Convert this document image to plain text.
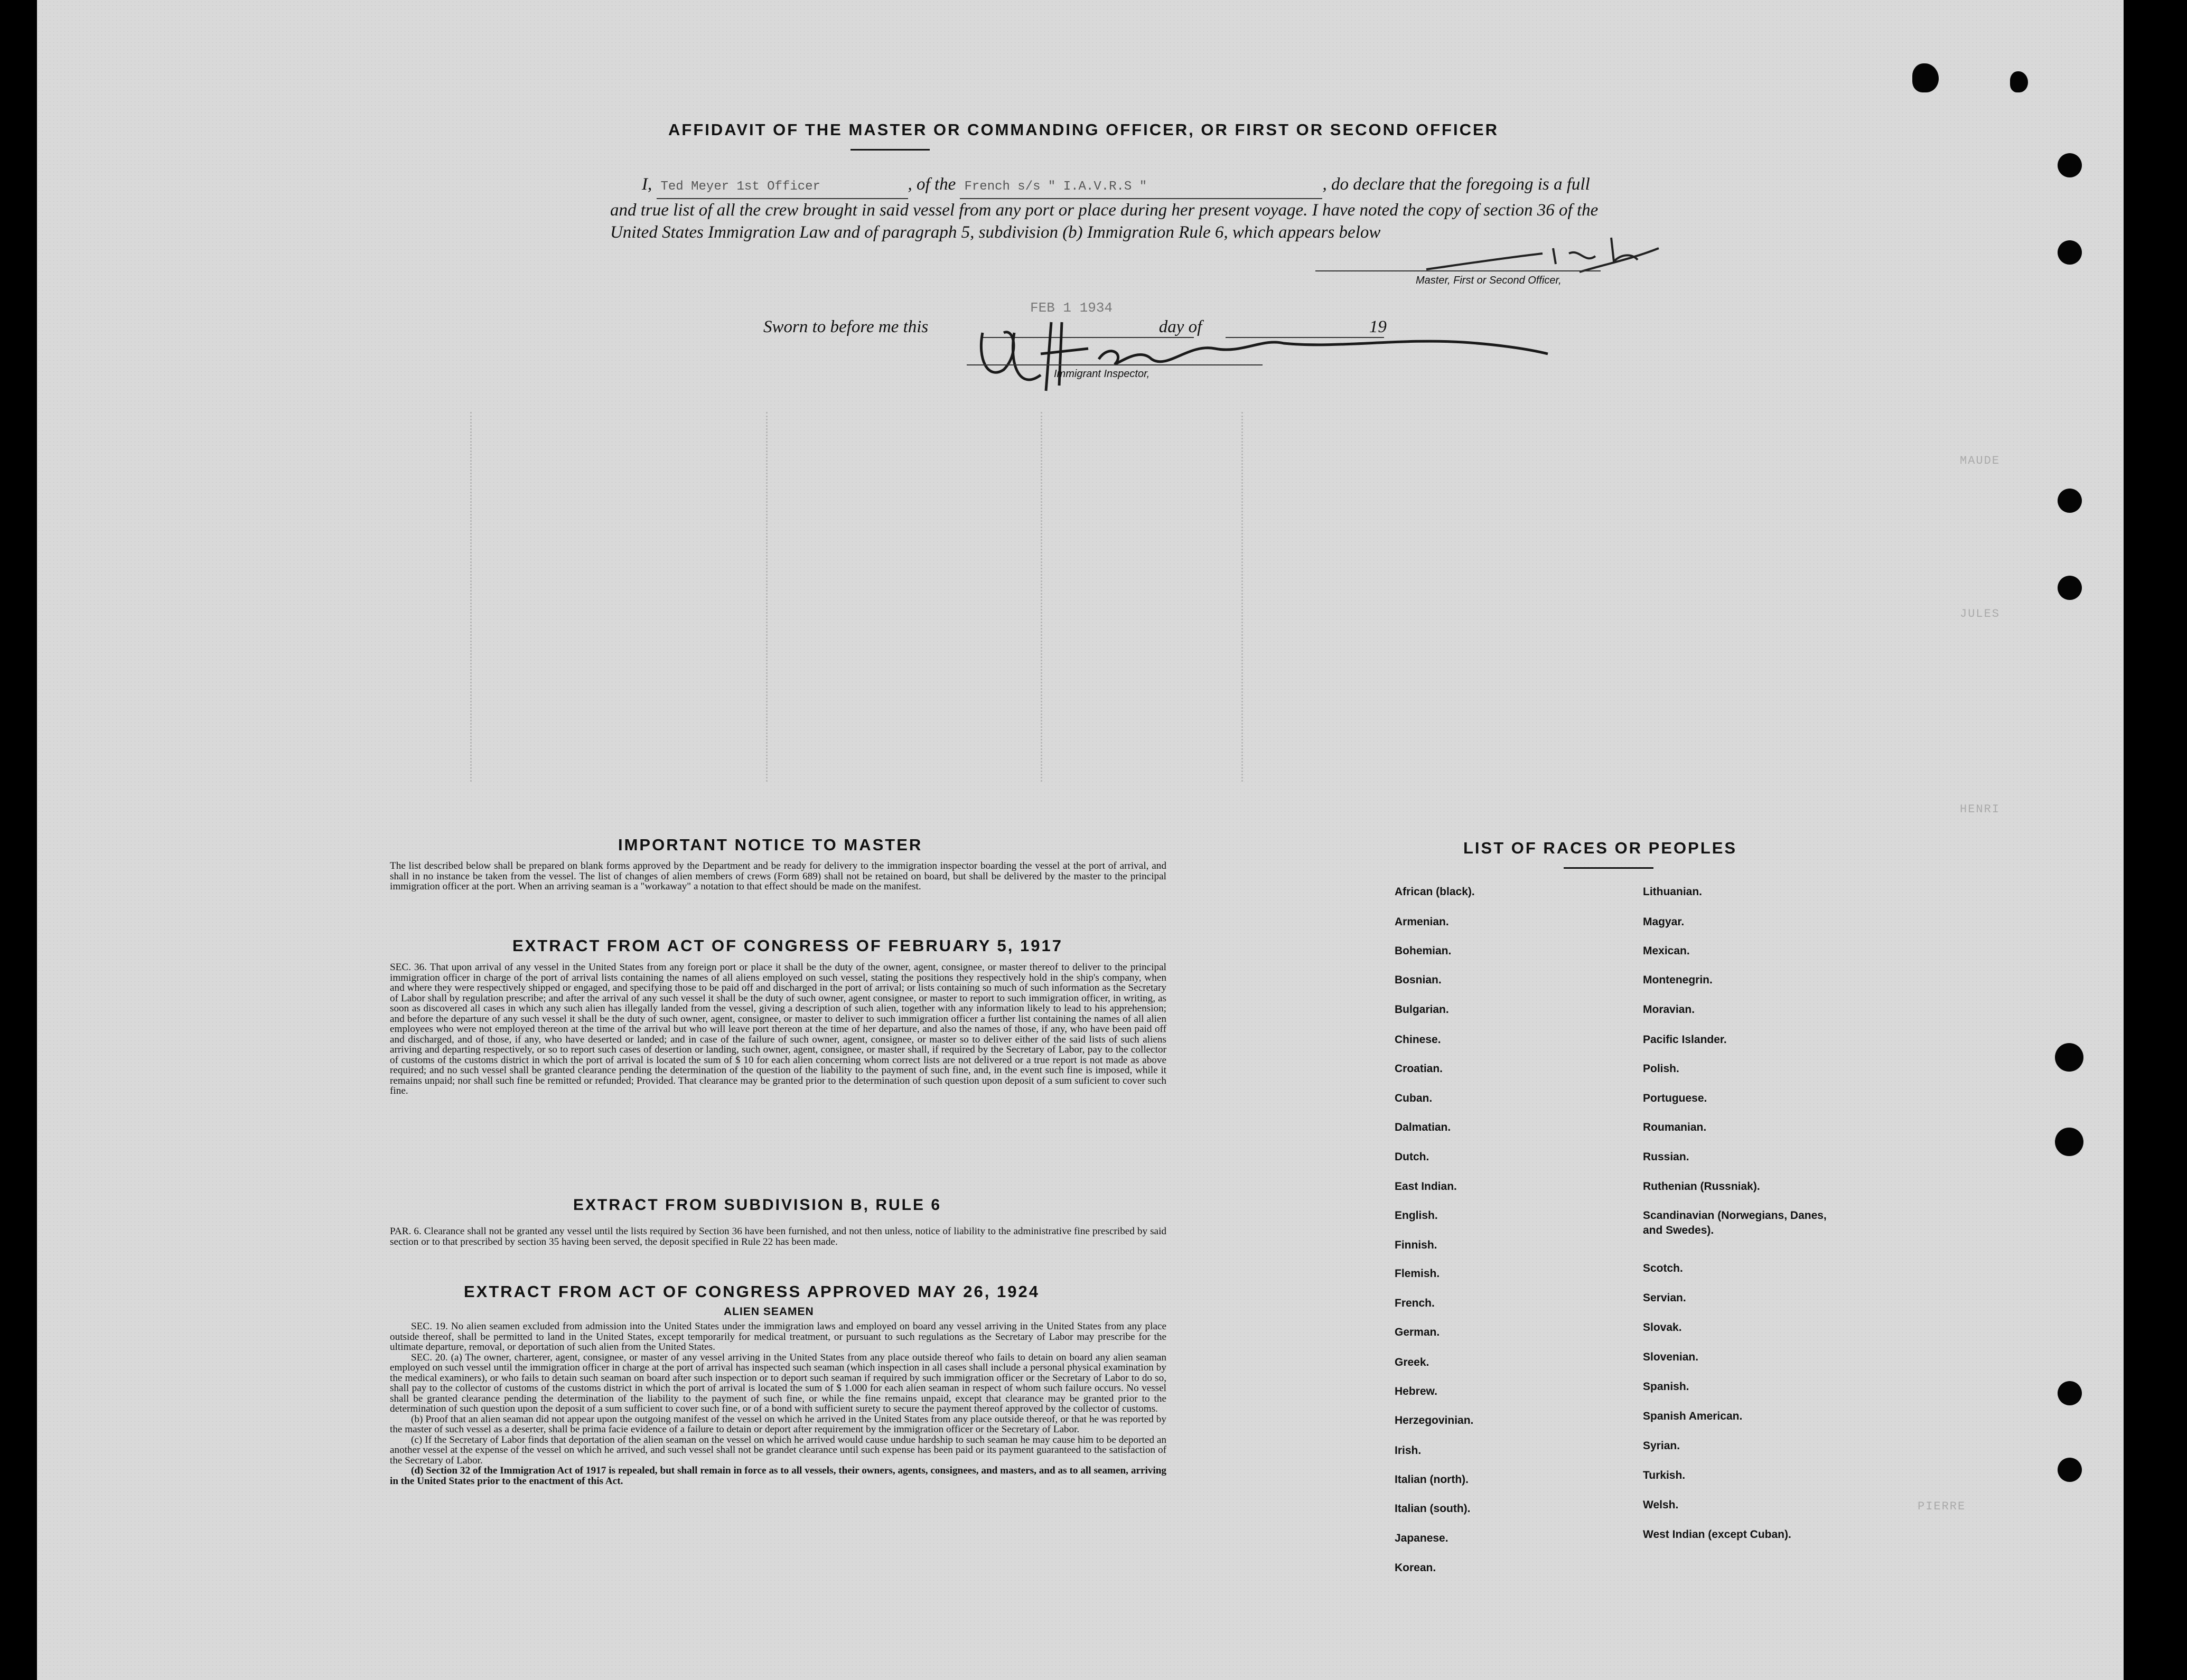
MAUDE
JULES
HENRI
PIERRE
AFFIDAVIT OF THE MASTER OR COMMANDING OFFICER, OR FIRST OR SECOND OFFICER
I, Ted Meyer 1st Officer	, of the French s/s " I.A.V.R.S "	, do declare that the foregoing is a full and true list of all the crew brought in said vessel from any port or place during her present voyage. I have noted the copy of section 36 of the United States Immigration Law and of paragraph 5, subdivision (b) Immigration Rule 6, which appears below
Master, First or Second Officer,
Sworn to before me this	day of	19
FEB 1 1934
Immigrant Inspector,
IMPORTANT NOTICE TO MASTER
The list described below shall be prepared on blank forms approved by the Department and be ready for delivery to the immigration inspector boarding the vessel at the port of arrival, and shall in no instance be taken from the vessel. The list of changes of alien members of crews (Form 689) shall not be retained on board, but shall be delivered by the master to the principal immigration officer at the port. When an arriving seaman is a "workaway" a notation to that effect should be made on the manifest.
EXTRACT FROM ACT OF CONGRESS OF FEBRUARY 5, 1917
SEC. 36. That upon arrival of any vessel in the United States from any foreign port or place it shall be the duty of the owner, agent, consignee, or master thereof to deliver to the principal immigration officer in charge of the port of arrival lists containing the names of all aliens employed on such vessel, stating the positions they respectively hold in the ship's company, when and where they were respectively shipped or engaged, and specifying those to be paid off and discharged in the port of arrival; or lists containing so much of such information as the Secretary of Labor shall by regulation prescribe; and after the arrival of any such vessel it shall be the duty of such owner, agent consignee, or master to report to such immigration officer, in writing, as soon as discovered all cases in which any such alien has illegally landed from the vessel, giving a description of such alien, together with any information likely to lead to his apprehension; and before the departure of any such vessel it shall be the duty of such owner, agent, consignee, or master to deliver to such immigration officer a further list containing the names of all alien employees who were not employed thereon at the time of the arrival but who will leave port thereon at the time of her departure, and also the names of those, if any, who have been paid off and discharged, and of those, if any, who have deserted or landed; and in case of the failure of such owner, agent, consignee, or master so to deliver either of the said lists of such aliens arriving and departing respectively, or so to report such cases of desertion or landing, such owner, agent, consignee, or master shall, if required by the Secretary of Labor, pay to the collector of customs of the customs district in which the port of arrival is located the sum of $ 10 for each alien concerning whom correct lists are not delivered or a true report is not made as above required; and no such vessel shall be granted clearance pending the determination of the question of the liability to the payment of such fine, and, in the event such fine is imposed, while it remains unpaid; nor shall such fine be remitted or refunded; Provided. That clearance may be granted prior to the determination of such question upon deposit of a sum suficient to cover such fine.
EXTRACT FROM SUBDIVISION B, RULE 6
PAR. 6. Clearance shall not be granted any vessel until the lists required by Section 36 have been furnished, and not then unless, notice of liability to the administrative fine prescribed by said section or to that prescribed by section 35 having been served, the deposit specified in Rule 22 has been made.
EXTRACT FROM ACT OF CONGRESS APPROVED MAY 26, 1924
ALIEN SEAMEN
SEC. 19. No alien seamen excluded from admission into the United States under the immigration laws and employed on board any vessel arriving in the United States from any place outside thereof, shall be permitted to land in the United States, except temporarily for medical treatment, or pursuant to such regulations as the Secretary of Labor may prescribe for the ultimate departure, removal, or deportation of such alien from the United States.
SEC. 20. (a) The owner, charterer, agent, consignee, or master of any vessel arriving in the United States from any place outside thereof who fails to detain on board any alien seaman employed on such vessel until the immigration officer in charge at the port of arrival has inspected such seaman (which inspection in all cases shall include a personal physical examination by the medical examiners), or who fails to detain such seaman on board after such inspection or to deport such seaman if required by such immigration officer or the Secretary of Labor to do so, shall pay to the collector of customs of the customs district in which the port of arrival is located the sum of $ 1.000 for each alien seaman in respect of whom such failure occurs. No vessel shall be granted clearance pending the determination of the liability to the payment of such fine, or while the fine remains unpaid, except that clearance may be granted prior to the determination of such question upon the deposit of a sum sufficient to cover such fine, or of a bond with sufficient surety to secure the payment thereof approved by the collector of customs.
(b) Proof that an alien seaman did not appear upon the outgoing manifest of the vessel on which he arrived in the United States from any place outside thereof, or that he was reported by the master of such vessel as a deserter, shall be prima facie evidence of a failure to detain or deport after requirement by the immigration officer or the Secretary of Labor.
(c) If the Secretary of Labor finds that deportation of the alien seaman on the vessel on which he arrived would cause undue hardship to such seaman he may cause him to be deported an another vessel at the expense of the vessel on which he arrived, and such vessel shall not be grandet clearance until such expense has been paid or its payment guaranteed to the satisfaction of the Secretary of Labor.
(d) Section 32 of the Immigration Act of 1917 is repealed, but shall remain in force as to all vessels, their owners, agents, consignees, and masters, and as to all seamen, arriving in the United States prior to the enactment of this Act.
LIST OF RACES OR PEOPLES
African (black).
Armenian.
Bohemian.
Bosnian.
Bulgarian.
Chinese.
Croatian.
Cuban.
Dalmatian.
Dutch.
East Indian.
English.
Finnish.
Flemish.
French.
German.
Greek.
Hebrew.
Herzegovinian.
Irish.
Italian (north).
Italian (south).
Japanese.
Korean.
Lithuanian.
Magyar.
Mexican.
Montenegrin.
Moravian.
Pacific Islander.
Polish.
Portuguese.
Roumanian.
Russian.
Ruthenian (Russniak).
Scandinavian (Norwegians, Danes, and Swedes).
Scotch.
Servian.
Slovak.
Slovenian.
Spanish.
Spanish American.
Syrian.
Turkish.
Welsh.
West Indian (except Cuban).
